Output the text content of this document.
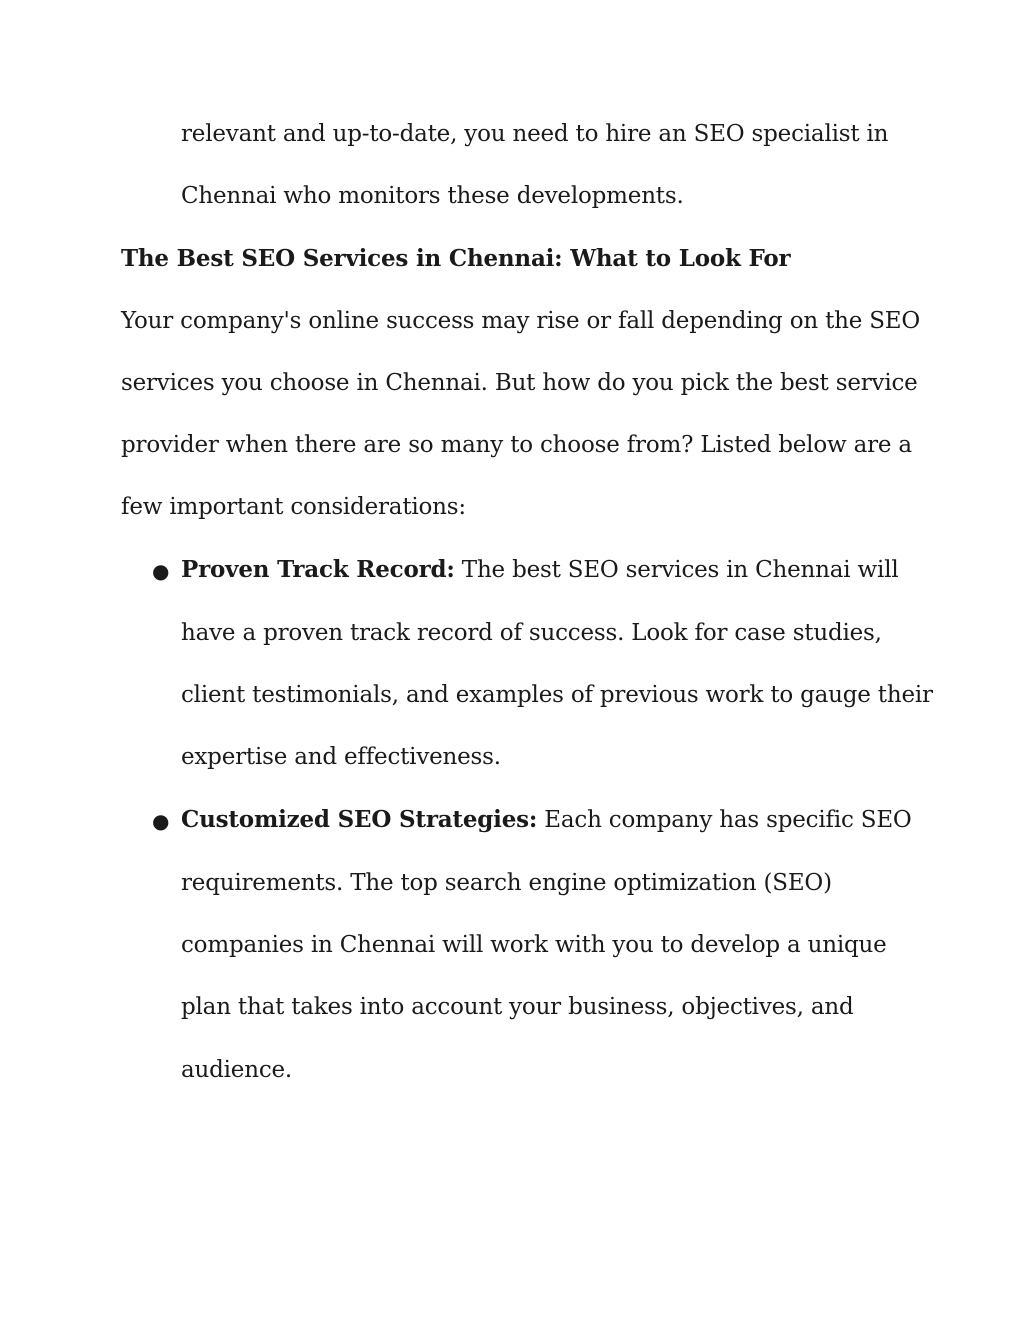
relevant and up-to-date, you need to hire an SEO specialist in
Chennai who monitors these developments.
The Best SEO Services in Chennai: What to Look For
Your company's online success may rise or fall depending on the SEO
services you choose in Chennai. But how do you pick the best service
provider when there are so many to choose from? Listed below are a
few important considerations:
● Proven Track Record: The best SEO services in Chennai will
have a proven track record of success. Look for case studies,
client testimonials, and examples of previous work to gauge their
expertise and effectiveness.
● Customized SEO Strategies: Each company has specific SEO
requirements. The top search engine optimization (SEO)
companies in Chennai will work with you to develop a unique
plan that takes into account your business, objectives, and
audience.
